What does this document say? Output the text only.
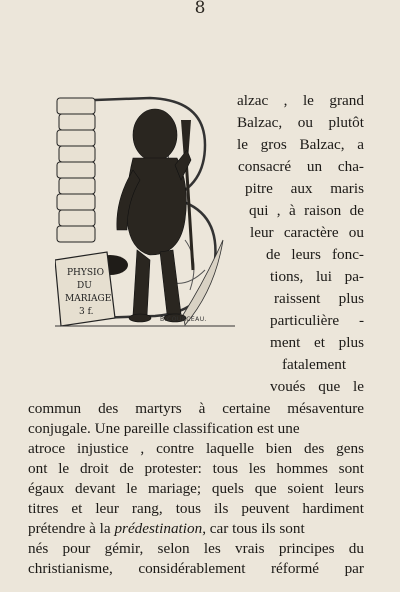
8
PHYSIO
DU
MARIAGE
3 f.
B.COURCEAU.
alzac , le grand
Balzac, ou plutôt
le gros Balzac, a
consacré un cha-
pitre aux maris
qui , à raison de
leur caractère ou
de leurs fonc-
tions, lui pa-
raissent plus
particulière -
ment et plus
fatalement
voués que le
commun des martyrs à certaine mésaventure
conjugale. Une pareille classification est une
atroce injustice , contre laquelle bien des gens
ont le droit de protester: tous les hommes sont
égaux devant le mariage; quels que soient leurs
titres et leur rang, tous ils peuvent hardiment
prétendre à la prédestination, car tous ils sont
nés pour gémir, selon les vrais principes du
christianisme, considérablement réformé par
